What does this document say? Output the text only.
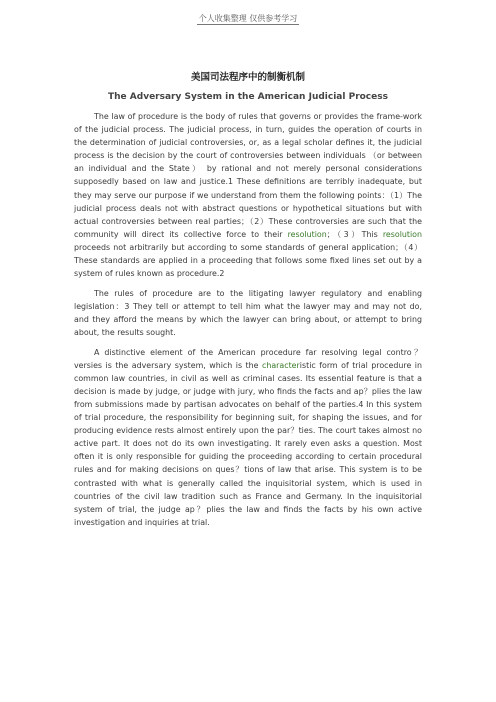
个人收集整理 仅供参考学习
美国司法程序中的制衡机制
The Adversary System in the American Judicial Process

The law of procedure is the body of rules that governs or provides the frame-work of the judicial process. The judicial process, in turn, guides the operation of courts in the determination of judicial controversies, or, as a legal scholar defines it, the judicial process is the decision by the court of controversies between individuals （or between an individual and the State） by rational and not merely personal considerations supposedly based on law and justice.1 These definitions are terribly inadequate, but they may serve our purpose if we understand from them the following points：（1）The judicial process deals not with abstract questions or hypothetical situations but with actual controversies between real parties；（2）These controversies are such that the community will direct its collective force to their resolution；（3）This resolution proceeds not arbitrarily but according to some standards of general application；（4）These standards are applied in a proceeding that follows some fixed lines set out by a system of rules known as procedure.2

The rules of procedure are to the litigating lawyer regulatory and enabling legislation：3 They tell or attempt to tell him what the lawyer may and may not do, and they afford the means by which the lawyer can bring about, or attempt to bring about, the results sought.

A distinctive element of the American procedure far resolving legal contro？versies is the adversary system, which is the characteristic form of trial procedure in common law countries, in civil as well as criminal cases. Its essential feature is that a decision is made by judge, or judge with jury, who finds the facts and ap？plies the law from submissions made by partisan advocates on behalf of the parties.4 In this system of trial procedure, the responsibility for beginning suit, for shaping the issues, and for producing evidence rests almost entirely upon the par？ties. The court takes almost no active part. It does not do its own investigating. It rarely even asks a question. Most often it is only responsible for guiding the proceeding according to certain procedural rules and for making decisions on ques？tions of law that arise. This system is to be contrasted with what is generally called the inquisitorial system, which is used in countries of the civil law tradition such as France and Germany. In the inquisitorial system of trial, the judge ap？plies the law and finds the facts by his own active investigation and inquiries at trial.
